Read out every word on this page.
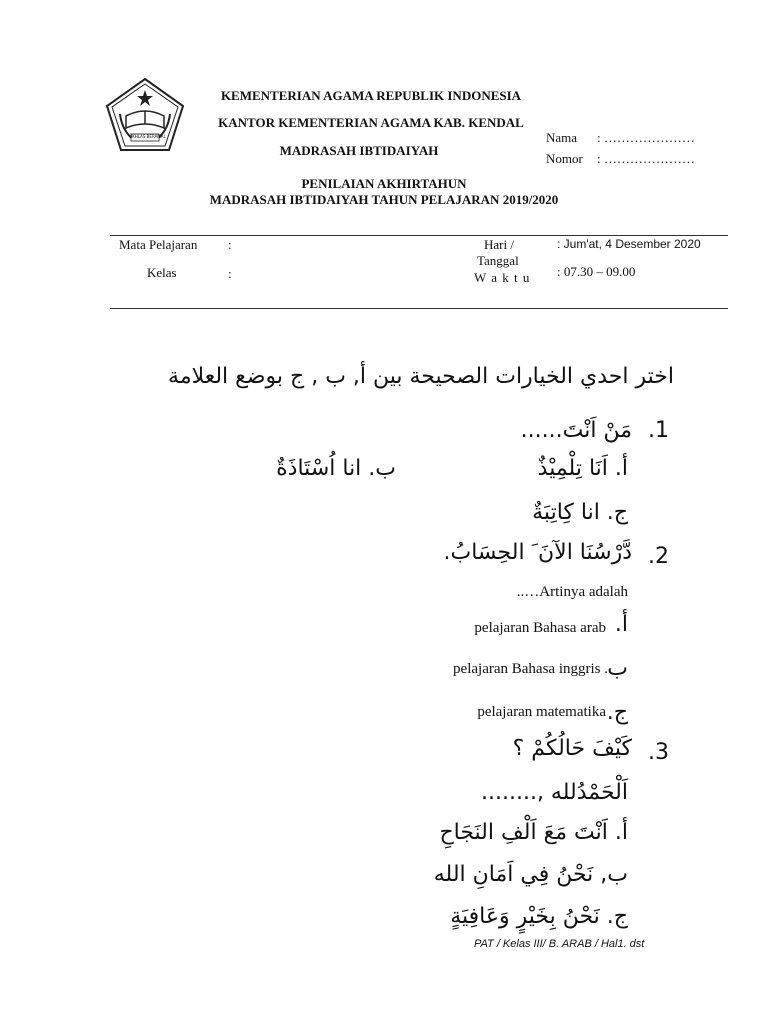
IKHLAS BERAMAL
KEMENTERIAN AGAMA REPUBLIK INDONESIA
KANTOR KEMENTERIAN AGAMA KAB. KENDAL
MADRASAH IBTIDAIYAH
Nama : …………………
Nomor : …………………
PENILAIAN AKHIRTAHUN
MADRASAH IBTIDAIYAH TAHUN PELAJARAN 2019/2020
Mata Pelajaran :
Kelas	:
Hari /
Tanggal
W a k t u
: Jum'at, 4 Desember 2020
: 07.30 – 09.00
اختر احدي الخيارات الصحيحة بين أ, ب , ج بوضع العلامة
.1
مَنْ اَنْتَ......
أ. اَنَا تِلْمِيْذٌ
ب. انا اُسْتَاذَةٌ
ج. انا كِاتِبَةٌ
.2
دَّرْسُنَا الآنَ َ الحِسَابُ.
..…Artinya adalah
أ.
pelajaran Bahasa arab
ب
pelajaran Bahasa inggris .
ج.
pelajaran matematika
.3
كَيْفَ حَالُكُمْ ؟
اَلْحَمْدُلله ,........
أ. اَنْتَ مَعَ اَلْفِ النَجَاحِ
ب, نَحْنُ فِي اَمَانِ الله
ج. نَحْنُ بِخَيْرٍ وَعَافِيَةٍ
PAT / Kelas III/ B. ARAB / Hal1. dst
